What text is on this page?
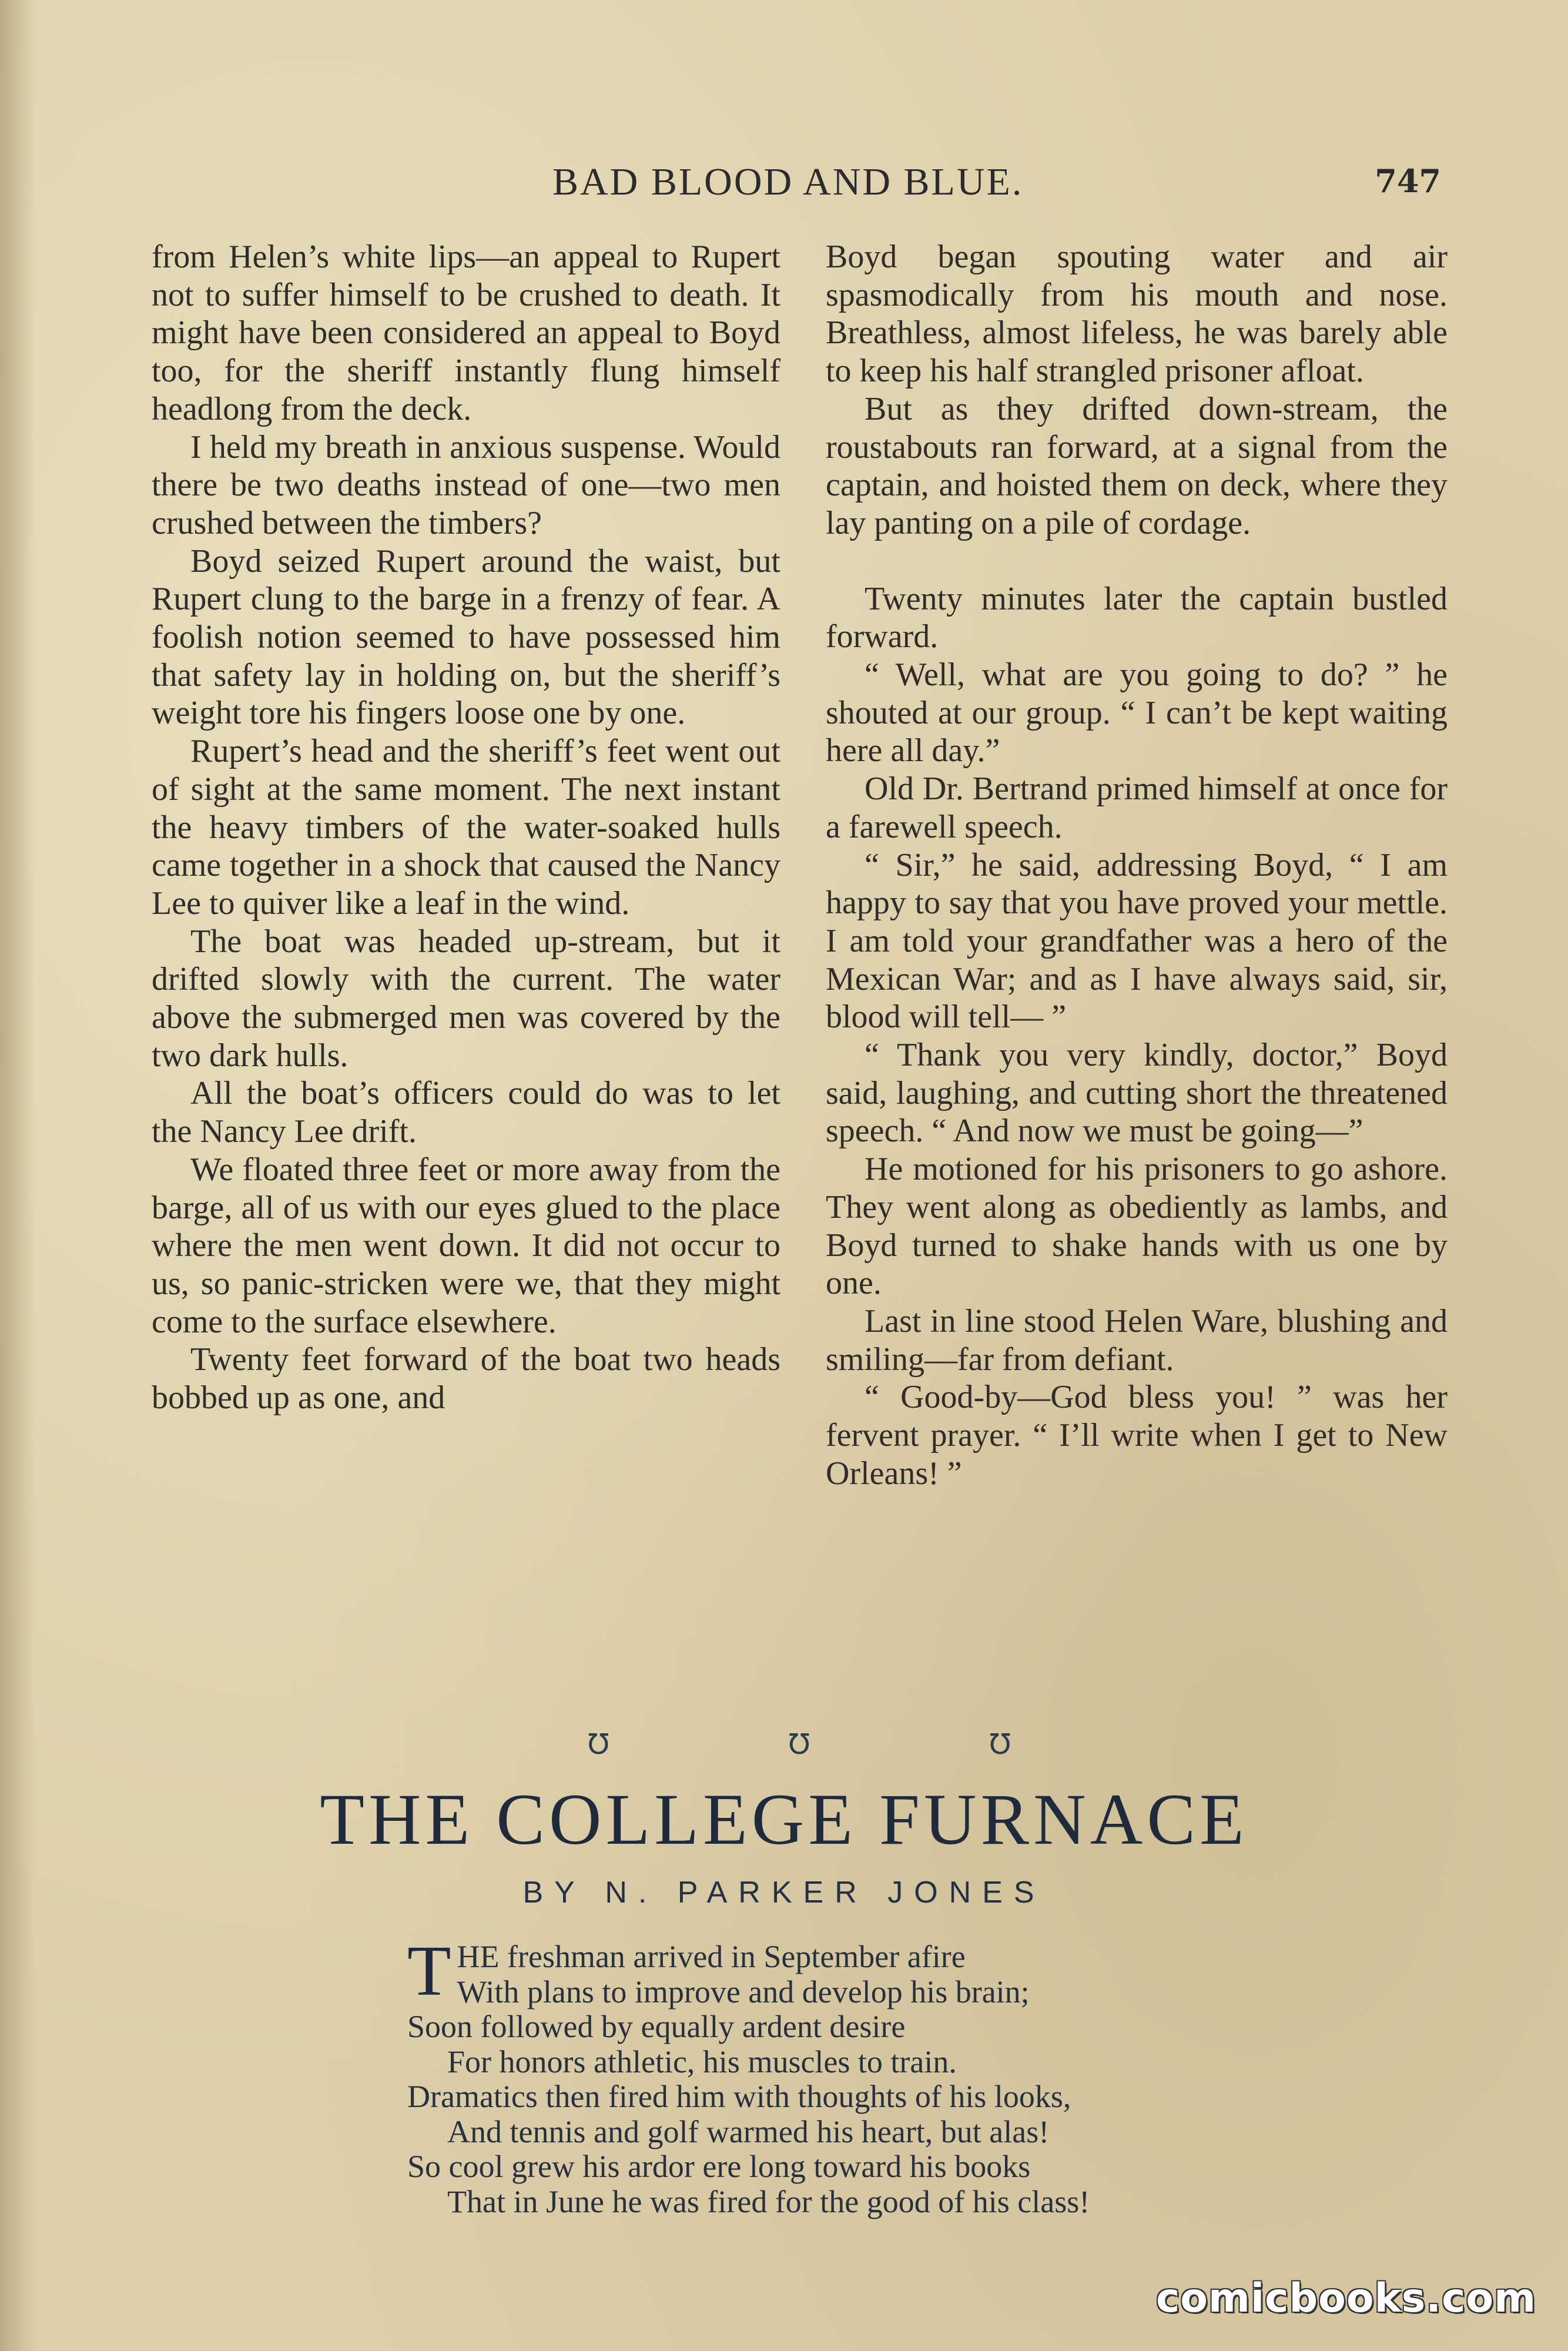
BAD BLOOD AND BLUE.	747

from Helen’s white lips—an appeal to Rupert not to suffer himself to be crushed to death. It might have been considered an appeal to Boyd too, for the sheriff instantly flung himself headlong from the deck.

I held my breath in anxious suspense. Would there be two deaths instead of one—two men crushed between the timbers?

Boyd seized Rupert around the waist, but Rupert clung to the barge in a frenzy of fear. A foolish notion seemed to have possessed him that safety lay in holding on, but the sheriff’s weight tore his fingers loose one by one.

Rupert’s head and the sheriff’s feet went out of sight at the same moment. The next instant the heavy timbers of the water-soaked hulls came together in a shock that caused the Nancy Lee to quiver like a leaf in the wind.

The boat was headed up-stream, but it drifted slowly with the current. The water above the submerged men was covered by the two dark hulls.

All the boat’s officers could do was to let the Nancy Lee drift.

We floated three feet or more away from the barge, all of us with our eyes glued to the place where the men went down. It did not occur to us, so panic-stricken were we, that they might come to the surface elsewhere.

Twenty feet forward of the boat two heads bobbed up as one, and

Boyd began spouting water and air spasmodically from his mouth and nose. Breathless, almost lifeless, he was barely able to keep his half strangled prisoner afloat.

But as they drifted down-stream, the roustabouts ran forward, at a signal from the captain, and hoisted them on deck, where they lay panting on a pile of cordage.

Twenty minutes later the captain bustled forward.

“ Well, what are you going to do? ” he shouted at our group. “ I can’t be kept waiting here all day.”

Old Dr. Bertrand primed himself at once for a farewell speech.

“ Sir,” he said, addressing Boyd, “ I am happy to say that you have proved your mettle. I am told your grandfather was a hero of the Mexican War; and as I have always said, sir, blood will tell— ”

“ Thank you very kindly, doctor,” Boyd said, laughing, and cutting short the threatened speech. “ And now we must be going—”

He motioned for his prisoners to go ashore. They went along as obediently as lambs, and Boyd turned to shake hands with us one by one.

Last in line stood Helen Ware, blushing and smiling—far from defiant.

“ Good-by—God bless you! ” was her fervent prayer. “ I’ll write when I get to New Orleans! ”

Ʊ	Ʊ	Ʊ
THE COLLEGE FURNACE
BY N. PARKER JONES
T HE freshman arrived in September afire
With plans to improve and develop his brain;
Soon followed by equally ardent desire
For honors athletic, his muscles to train.
Dramatics then fired him with thoughts of his looks,
And tennis and golf warmed his heart, but alas!
So cool grew his ardor ere long toward his books
That in June he was fired for the good of his class!
comicbooks.com
